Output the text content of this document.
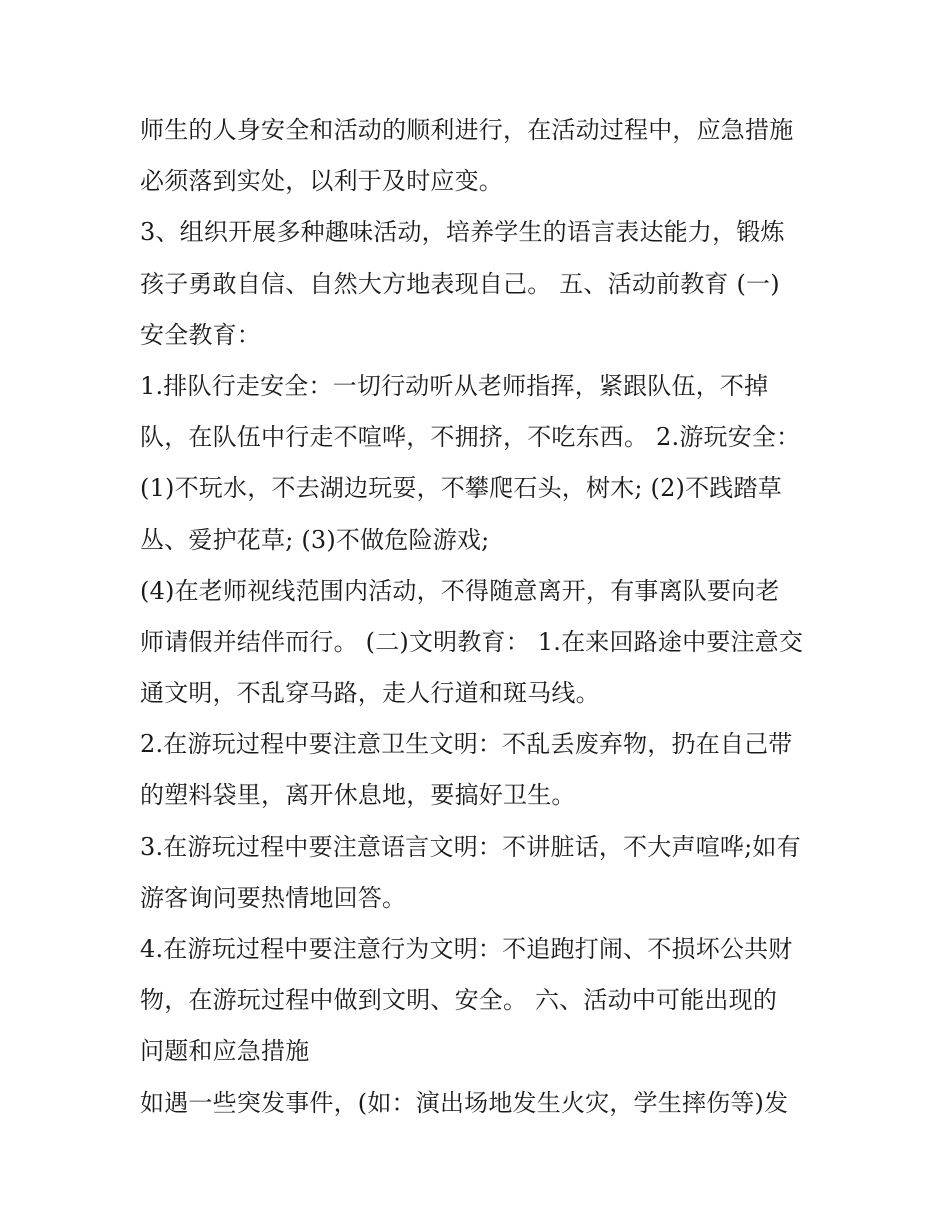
师生的人身安全和活动的顺利进行，在活动过程中，应急措施
必须落到实处，以利于及时应变。
3、组织开展多种趣味活动，培养学生的语言表达能力，锻炼
孩子勇敢自信、自然大方地表现自己。 五、活动前教育 (一)
安全教育：
1.排队行走安全：一切行动听从老师指挥，紧跟队伍，不掉
队，在队伍中行走不喧哗，不拥挤，不吃东西。 2.游玩安全：
(1)不玩水，不去湖边玩耍，不攀爬石头，树木; (2)不践踏草
丛、爱护花草; (3)不做危险游戏;
(4)在老师视线范围内活动，不得随意离开，有事离队要向老
师请假并结伴而行。 (二)文明教育： 1.在来回路途中要注意交
通文明，不乱穿马路，走人行道和斑马线。
2.在游玩过程中要注意卫生文明：不乱丢废弃物，扔在自己带
的塑料袋里，离开休息地，要搞好卫生。
3.在游玩过程中要注意语言文明：不讲脏话，不大声喧哗;如有
游客询问要热情地回答。
4.在游玩过程中要注意行为文明：不追跑打闹、不损坏公共财
物，在游玩过程中做到文明、安全。 六、活动中可能出现的
问题和应急措施
如遇一些突发事件，(如：演出场地发生火灾，学生摔伤等)发
